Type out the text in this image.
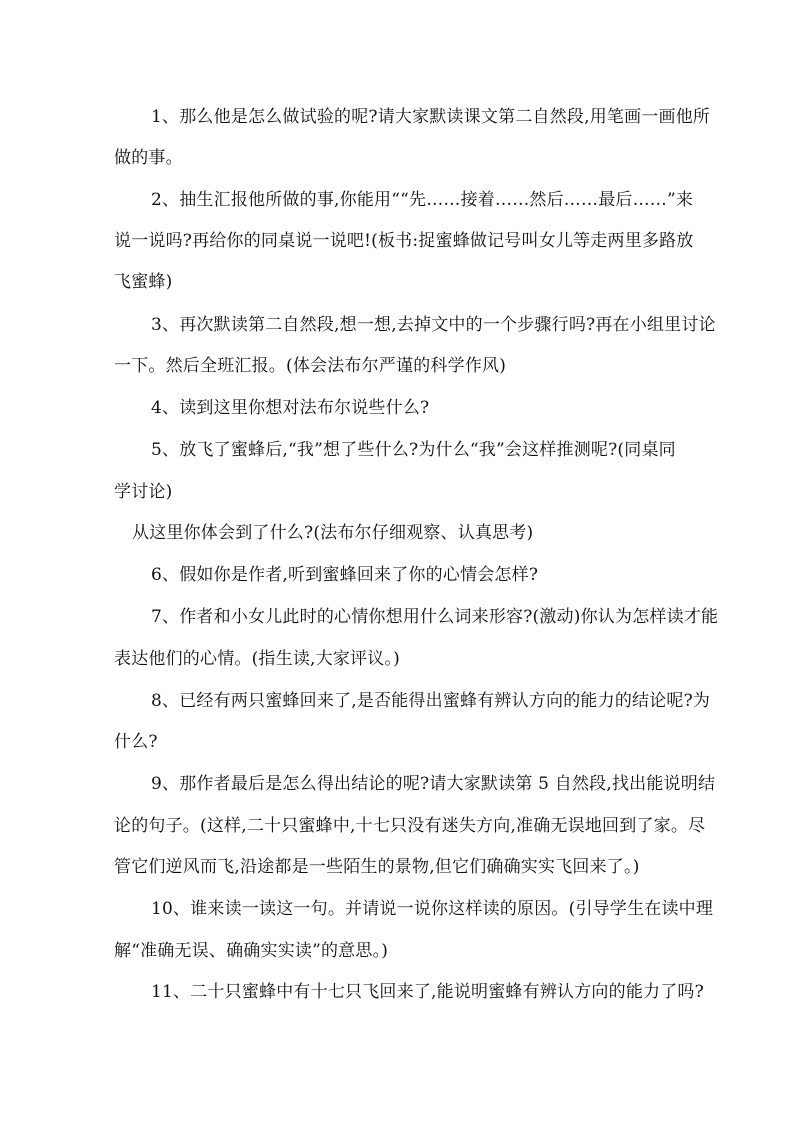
1、那么他是怎么做试验的呢?请大家默读课文第二自然段,用笔画一画他所
做的事。
2、抽生汇报他所做的事,你能用““先……接着……然后……最后……”来
说一说吗?再给你的同桌说一说吧!(板书:捉蜜蜂做记号叫女儿等走两里多路放
飞蜜蜂)
3、再次默读第二自然段,想一想,去掉文中的一个步骤行吗?再在小组里讨论
一下。然后全班汇报。(体会法布尔严谨的科学作风)
4、读到这里你想对法布尔说些什么?
5、放飞了蜜蜂后,“我”想了些什么?为什么“我”会这样推测呢?(同桌同
学讨论)
从这里你体会到了什么?(法布尔仔细观察、认真思考)
6、假如你是作者,听到蜜蜂回来了你的心情会怎样?
7、作者和小女儿此时的心情你想用什么词来形容?(激动)你认为怎样读才能
表达他们的心情。(指生读,大家评议。)
8、已经有两只蜜蜂回来了,是否能得出蜜蜂有辨认方向的能力的结论呢?为
什么?
9、那作者最后是怎么得出结论的呢?请大家默读第 5 自然段,找出能说明结
论的句子。(这样,二十只蜜蜂中,十七只没有迷失方向,准确无误地回到了家。尽
管它们逆风而飞,沿途都是一些陌生的景物,但它们确确实实飞回来了。)
10、谁来读一读这一句。并请说一说你这样读的原因。(引导学生在读中理
解“准确无误、确确实实读”的意思。)
11、二十只蜜蜂中有十七只飞回来了,能说明蜜蜂有辨认方向的能力了吗?
